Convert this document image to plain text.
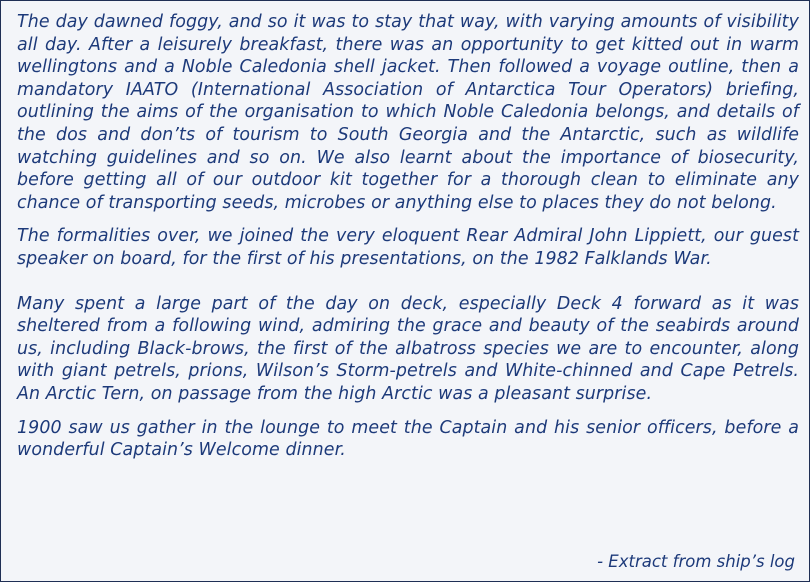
The day dawned foggy, and so it was to stay that way, with varying amounts of visibility all day. After a leisurely breakfast, there was an opportunity to get kitted out in warm wellingtons and a Noble Caledonia shell jacket. Then followed a voyage outline, then a mandatory IAATO (International Association of Antarctica Tour Operators) briefing, outlining the aims of the organisation to which Noble Caledonia belongs, and details of the dos and don’ts of tourism to South Georgia and the Antarctic, such as wildlife watching guidelines and so on. We also learnt about the importance of biosecurity, before getting all of our outdoor kit together for a thorough clean to eliminate any chance of transporting seeds, microbes or anything else to places they do not belong.

The formalities over, we joined the very eloquent Rear Admiral John Lippiett, our guest speaker on board, for the first of his presentations, on the 1982 Falklands War.

Many spent a large part of the day on deck, especially Deck 4 forward as it was sheltered from a following wind, admiring the grace and beauty of the seabirds around us, including Black-brows, the first of the albatross species we are to encounter, along with giant petrels, prions, Wilson’s Storm-petrels and White-chinned and Cape Petrels. An Arctic Tern, on passage from the high Arctic was a pleasant surprise.

1900 saw us gather in the lounge to meet the Captain and his senior officers, before a wonderful Captain’s Welcome dinner.

- Extract from ship’s log
